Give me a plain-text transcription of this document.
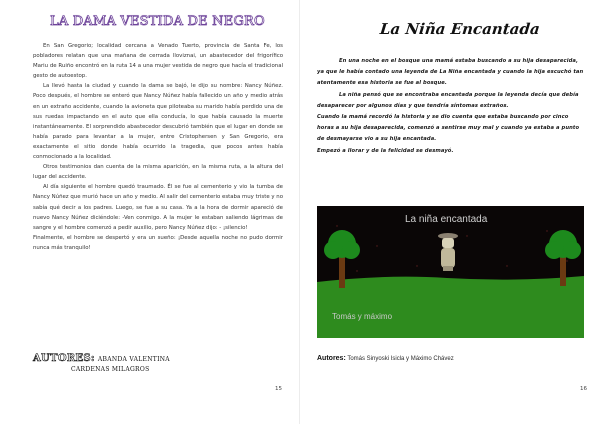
LA DAMA VESTIDA DE NEGRO

En San Gregorio; localidad cercana a Venado Tuerto, provincia de Santa Fe, los pobladores relatan que una mañana de cerrada lloviznai, un abastecedor del frigorífico Mariu de Ruiño encontró en la ruta 14 a una mujer vestida de negro que hacía el tradicional gesto de autoestop.

La llevó hasta la ciudad y cuando la dama se bajó, le dijo su nombre: Nancy Núñez. Poco después, el hombre se enteró que Nancy Núñez había fallecido un año y medio atrás en un extraño accidente, cuando la avioneta que piloteaba su marido había perdido una de sus ruedas impactando en el auto que ella conducía, lo que había causado la muerte instantáneamente. El sorprendido abastecedor descubrió también que el lugar en donde se había parado para levantar a la mujer, entre Cristophersen y San Gregorio, era exactamente el sitio donde había ocurrido la tragedia, que pocos antes había conmocionado a la localidad.

Otros testimonios dan cuenta de la misma aparición, en la misma ruta, a la altura del lugar del accidente.

Al día siguiente el hombre quedó traumado. Él se fue al cementerio y vio la tumba de Nancy Núñez que murió hace un año y medio. Al salir del cementerio estaba muy triste y no sabía qué decir a los padres. Luego, se fue a su casa. Ya a la hora de dormir apareció de nuevo Nancy Núñez diciéndole: -Ven conmigo. A la mujer le estaban saliendo lágrimas de sangre y el hombre comenzó a pedir auxilio, pero Nancy Núñez dijo: - ¡silencio!

Finalmente, el hombre se despertó y era un sueño: ¡Desde aquella noche no pudo dormir nunca más tranquilo!

AUTORES: ABANDA VALENTINA
CARDENAS MILAGROS
15
La Niña Encantada

En una noche en el bosque una mamá estaba buscando a su hija desaparecida, ya que le había contado una leyenda de La Niña encantada y cuando la hija escuchó tan atentamente esa historia se fue al bosque.

La niña pensó que se encontraba encantada porque la leyenda decía que debía desaparecer por algunos días y que tendría síntomas extraños.

Cuando la mamá recordó la historia y se dio cuenta que estaba buscando por cinco horas a su hija desaparecida, comenzó a sentirse muy mal y cuando ya estaba a punto de desmayarse vio a su hija encantada.

Empezó a llorar y de la felicidad se desmayó.

La niña encantada
Tomás y máximo
Autores: Tomás Sinyoski Isicla y Máximo Chávez
16
